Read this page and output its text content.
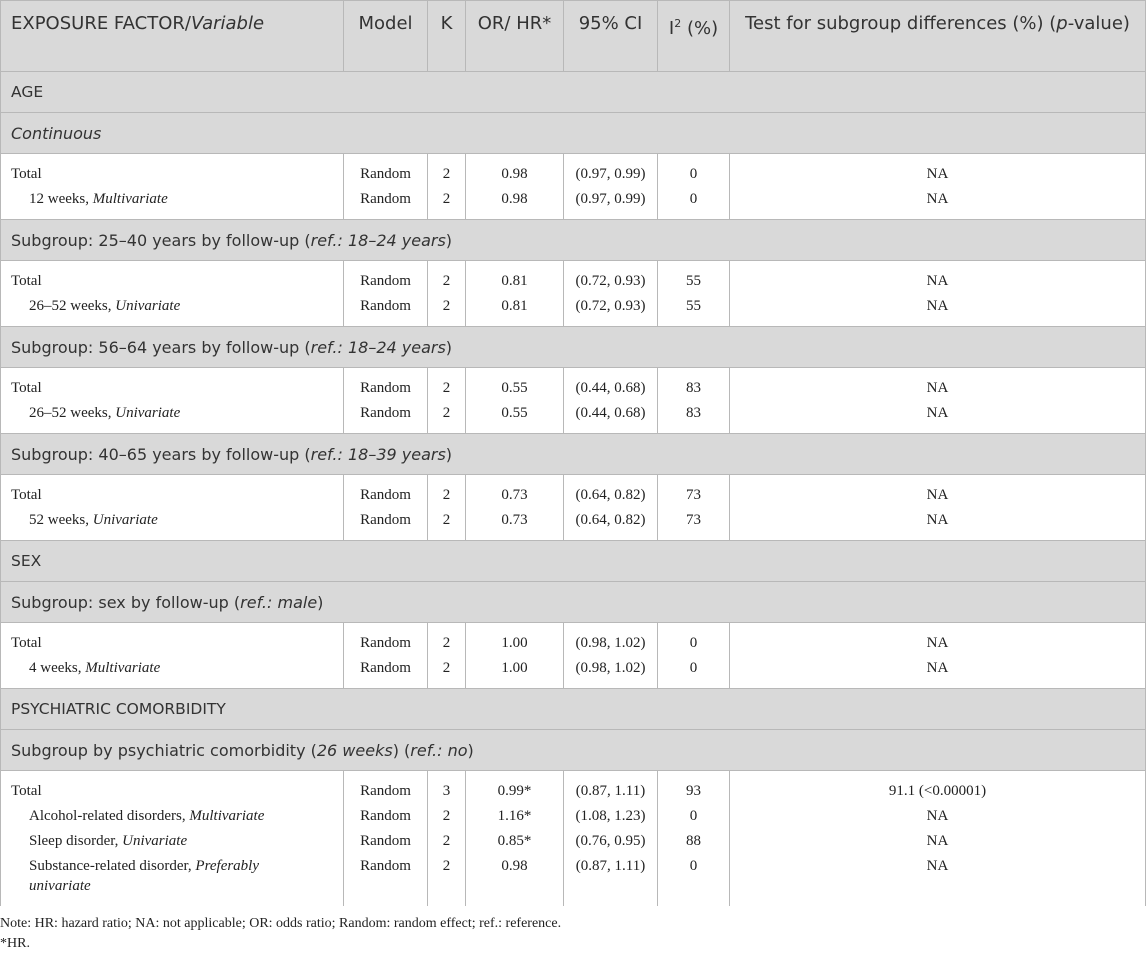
EXPOSURE FACTOR/Variable	Model	K	OR/ HR*	95% CI	$I^2$ (%)	Test for subgroup differences (%) (p-value)
AGE						
Continuous						
Total	Random	2	0.98	(0.97, 0.99)	0	NA
12 weeks, Multivariate	Random	2	0.98	(0.97, 0.99)	0	NA
Subgroup: 25–40 years by follow-up (ref.: 18–24 years)						
Total	Random	2	0.81	(0.72, 0.93)	55	NA
26–52 weeks, Univariate	Random	2	0.81	(0.72, 0.93)	55	NA
Subgroup: 56–64 years by follow-up (ref.: 18–24 years)						
Total	Random	2	0.55	(0.44, 0.68)	83	NA
26–52 weeks, Univariate	Random	2	0.55	(0.44, 0.68)	83	NA
Subgroup: 40–65 years by follow-up (ref.: 18–39 years)						
Total	Random	2	0.73	(0.64, 0.82)	73	NA
52 weeks, Univariate	Random	2	0.73	(0.64, 0.82)	73	NA
SEX						
Subgroup: sex by follow-up (ref.: male)						
Total	Random	2	1.00	(0.98, 1.02)	0	NA
4 weeks, Multivariate	Random	2	1.00	(0.98, 1.02)	0	NA
PSYCHIATRIC COMORBIDITY						
Subgroup by psychiatric comorbidity (26 weeks) (ref.: no)						
Total	Random	3	0.99*	(0.87, 1.11)	93	91.1 (<0.00001)
Alcohol-related disorders, Multivariate	Random	2	1.16*	(1.08, 1.23)	0	NA
Sleep disorder, Univariate	Random	2	0.85*	(0.76, 0.95)	88	NA
Substance-related disorder, Preferably univariate	Random	2	0.98	(0.87, 1.11)	0	NA
Note: HR: hazard ratio; NA: not applicable; OR: odds ratio; Random: random effect; ref.: reference.
*HR.
